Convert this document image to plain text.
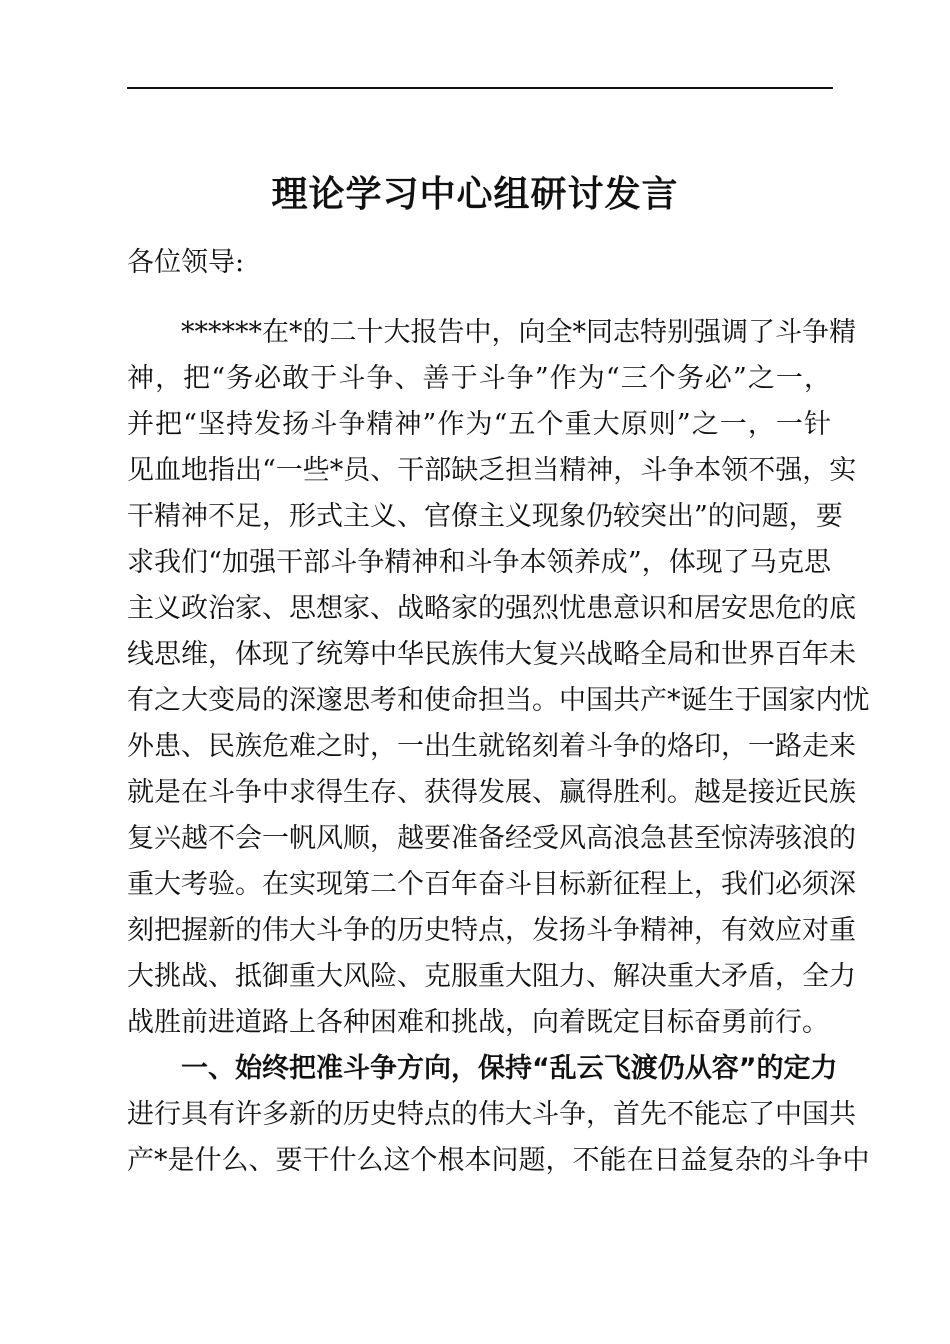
理论学习中心组研讨发言
各位领导:
******在*的二十大报告中，向全*同志特别强调了斗争精
神，把“务必敢于斗争、善于斗争”作为“三个务必”之一，
并把“坚持发扬斗争精神”作为“五个重大原则”之一，一针
见血地指出“一些*员、干部缺乏担当精神，斗争本领不强，实
干精神不足，形式主义、官僚主义现象仍较突出”的问题，要
求我们“加强干部斗争精神和斗争本领养成”，体现了马克思
主义政治家、思想家、战略家的强烈忧患意识和居安思危的底
线思维，体现了统筹中华民族伟大复兴战略全局和世界百年未
有之大变局的深邃思考和使命担当。中国共产*诞生于国家内忧
外患、民族危难之时，一出生就铭刻着斗争的烙印，一路走来
就是在斗争中求得生存、获得发展、赢得胜利。越是接近民族
复兴越不会一帆风顺，越要准备经受风高浪急甚至惊涛骇浪的
重大考验。在实现第二个百年奋斗目标新征程上，我们必须深
刻把握新的伟大斗争的历史特点，发扬斗争精神，有效应对重
大挑战、抵御重大风险、克服重大阻力、解决重大矛盾，全力
战胜前进道路上各种困难和挑战，向着既定目标奋勇前行。
一、始终把准斗争方向，保持“乱云飞渡仍从容”的定力
进行具有许多新的历史特点的伟大斗争，首先不能忘了中国共
产*是什么、要干什么这个根本问题，不能在日益复杂的斗争中
